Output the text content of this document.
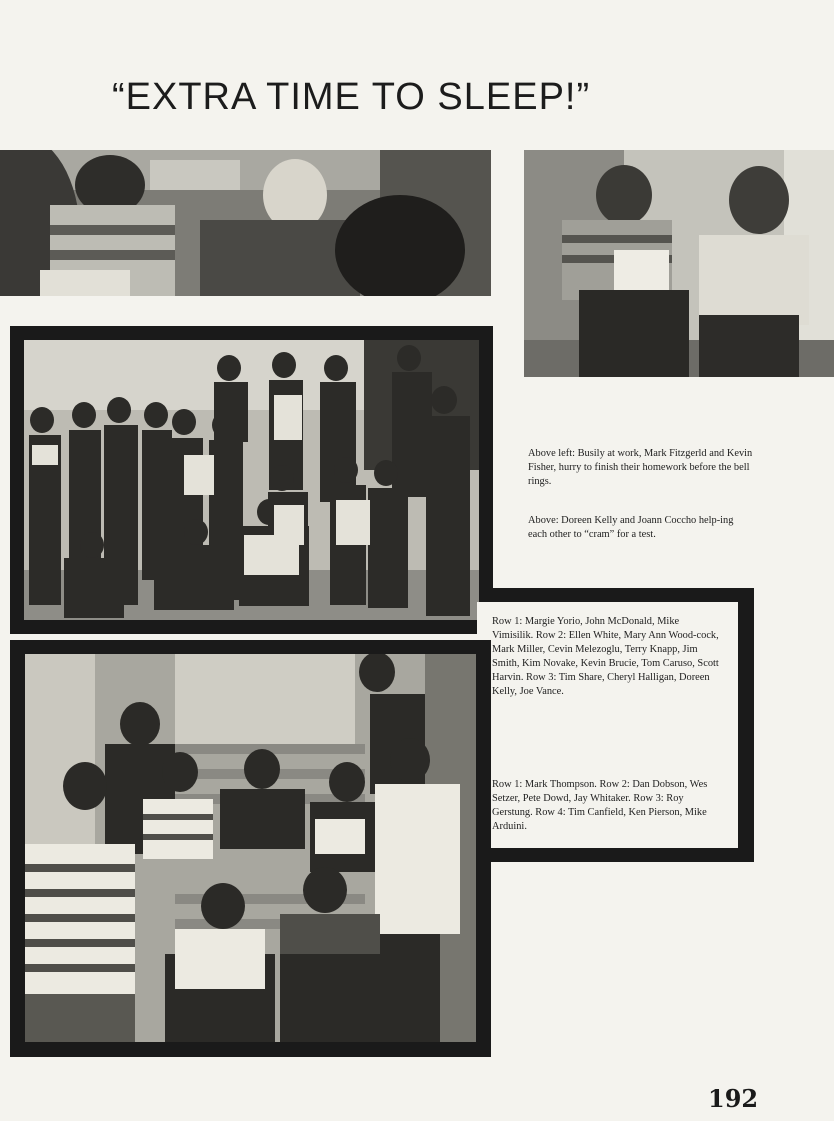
“EXTRA TIME TO SLEEP!”
Above left: Busily at work, Mark Fitzgerld and Kevin Fisher, hurry to finish their homework before the bell rings.
Above: Doreen Kelly and Joann Coccho help-ing each other to “cram” for a test.
Row 1: Margie Yorio, John McDonald, Mike Vimisilik. Row 2: Ellen White, Mary Ann Wood-cock, Mark Miller, Cevin Melezoglu, Terry Knapp, Jim Smith, Kim Novake, Kevin Brucie, Tom Caruso, Scott Harvin. Row 3: Tim Share, Cheryl Halligan, Doreen Kelly, Joe Vance.
Row 1: Mark Thompson. Row 2: Dan Dobson, Wes Setzer, Pete Dowd, Jay Whitaker. Row 3: Roy Gerstung. Row 4: Tim Canfield, Ken Pierson, Mike Arduini.
192
